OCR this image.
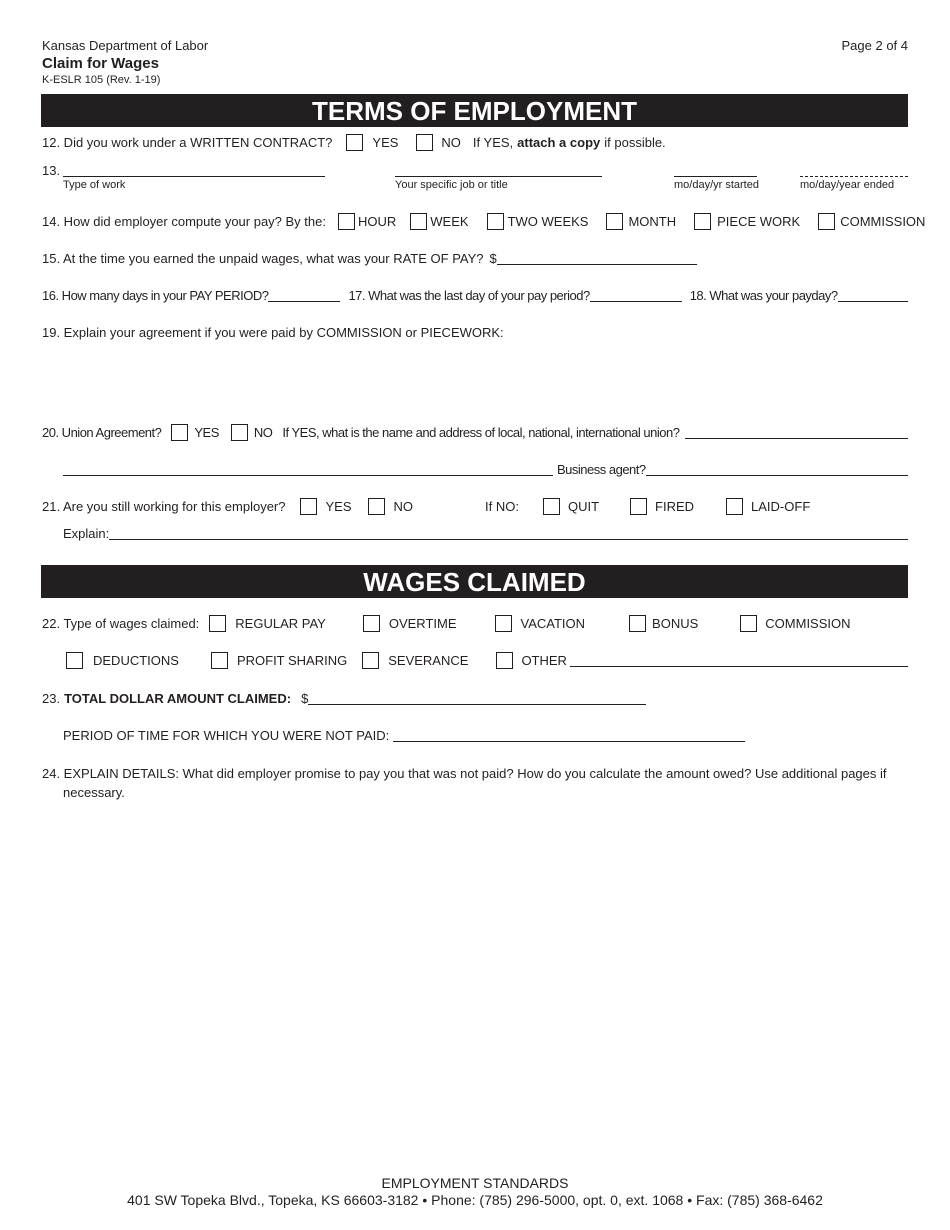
Kansas Department of Labor
Claim for Wages
K-ESLR 105 (Rev. 1-19)
Page 2 of 4
TERMS OF EMPLOYMENT
12. Did you work under a WRITTEN CONTRACT?	YES	NO If YES, attach a copy if possible.
13.
Type of work	Your specific job or title	mo/day/yr started	mo/day/year ended
14. How did employer compute your pay? By the: HOUR	WEEK	TWO WEEKS	MONTH	PIECE WORK	COMMISSION
15. At the time you earned the unpaid wages, what was your RATE OF PAY? $
16. How many days in your PAY PERIOD?	17. What was the last day of your pay period?	18. What was your payday?
19. Explain your agreement if you were paid by COMMISSION or PIECEWORK:
20. Union Agreement?	YES	NO If YES, what is the name and address of local, national, international union?
Business agent?
21. Are you still working for this employer?	YES	NO	If NO:	QUIT	FIRED	LAID-OFF
Explain:
WAGES CLAIMED
22. Type of wages claimed:	REGULAR PAY	OVERTIME	VACATION	BONUS	COMMISSION
DEDUCTIONS	PROFIT SHARING	SEVERANCE	OTHER
23. TOTAL DOLLAR AMOUNT CLAIMED: $
PERIOD OF TIME FOR WHICH YOU WERE NOT PAID:
24. EXPLAIN DETAILS: What did employer promise to pay you that was not paid? How do you calculate the amount owed? Use additional pages if
necessary.
EMPLOYMENT STANDARDS
401 SW Topeka Blvd., Topeka, KS 66603-3182 • Phone: (785) 296-5000, opt. 0, ext. 1068 • Fax: (785) 368-6462
